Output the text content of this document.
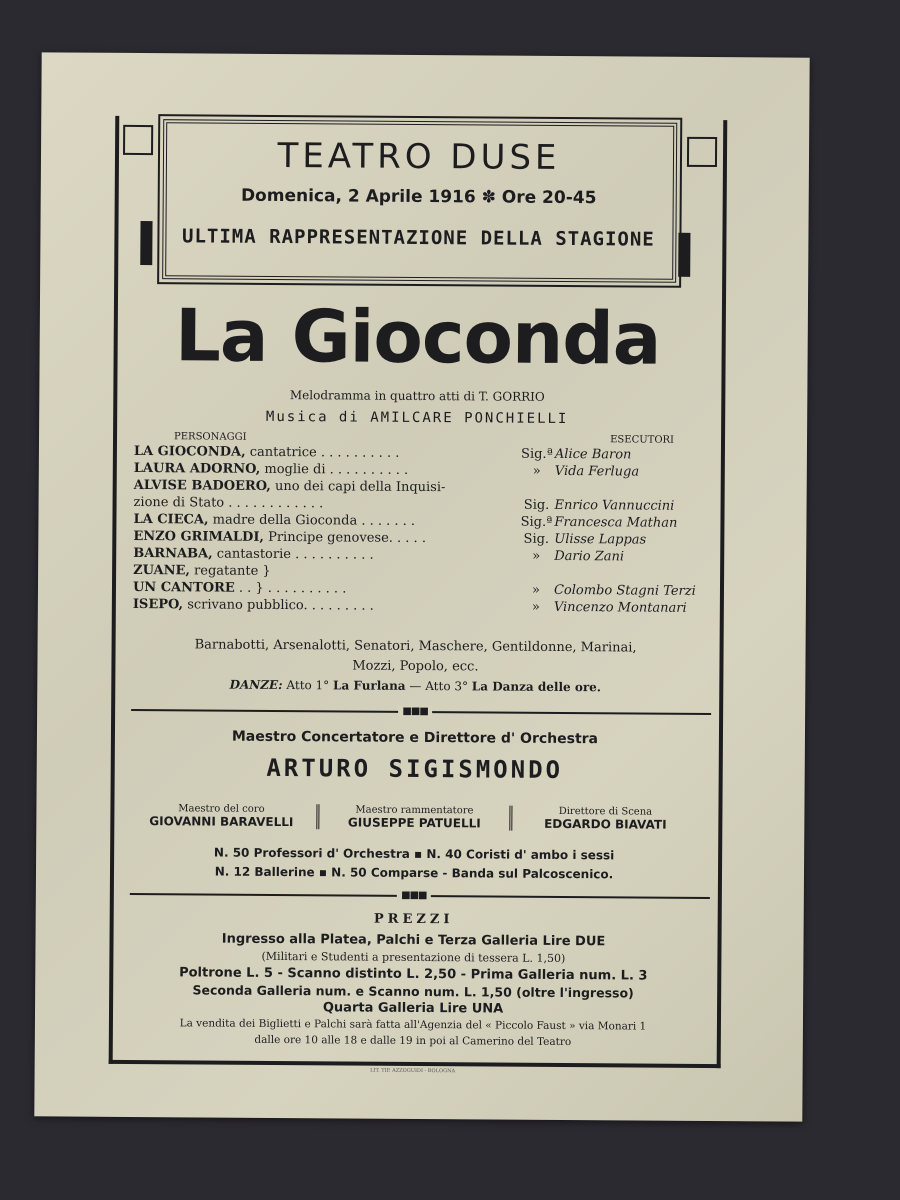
TEATRO DUSE
Domenica, 2 Aprile 1916 ✽ Ore 20-45
ULTIMA RAPPRESENTAZIONE DELLA STAGIONE
La Gioconda
Melodramma in quattro atti di T. GORRIO
Musica di AMILCARE PONCHIELLI
PERSONAGGI	ESECUTORI
LA GIOCONDA, cantatrice . . . . . . . . . .	Sig.ª Alice Baron
LAURA ADORNO, moglie di . . . . . . . . . .	»	Vida Ferluga
ALVISE BADOERO, uno dei capi della Inquisi-
zione di Stato . . . . . . . . . . . .	Sig. Enrico Vannuccini
LA CIECA, madre della Gioconda . . . . . . .	Sig.ª Francesca Mathan
ENZO GRIMALDI, Principe genovese. . . . .	Sig. Ulisse Lappas
BARNABA, cantastorie . . . . . . . . . .	»	Dario Zani
ZUANE, regatante }
UN CANTORE . . } . . . . . . . . . .	»	Colombo Stagni Terzi
ISEPO, scrivano pubblico. . . . . . . . .	»	Vincenzo Montanari
Barnabotti, Arsenalotti, Senatori, Maschere, Gentildonne, Marinai,
Mozzi, Popolo, ecc.
DANZE: Atto 1° La Furlana — Atto 3° La Danza delle ore.
■■■
Maestro Concertatore e Direttore d' Orchestra
ARTURO SIGISMONDO
Maestro del coro
GIOVANNI BARAVELLI
Maestro rammentatore
GIUSEPPE PATUELLI
Direttore di Scena
EDGARDO BIAVATI
N. 50 Professori d' Orchestra ▪ N. 40 Coristi d' ambo i sessi
N. 12 Ballerine ▪ N. 50 Comparse - Banda sul Palcoscenico.
■■■
PREZZI
Ingresso alla Platea, Palchi e Terza Galleria Lire DUE
(Militari e Studenti a presentazione di tessera L. 1,50)
Poltrone L. 5 - Scanno distinto L. 2,50 - Prima Galleria num. L. 3
Seconda Galleria num. e Scanno num. L. 1,50 (oltre l'ingresso)
Quarta Galleria Lire UNA
La vendita dei Biglietti e Palchi sarà fatta all'Agenzia del « Piccolo Faust » via Monari 1
dalle ore 10 alle 18 e dalle 19 in poi al Camerino del Teatro
LIT. TIP. AZZOGUIDI - BOLOGNA
